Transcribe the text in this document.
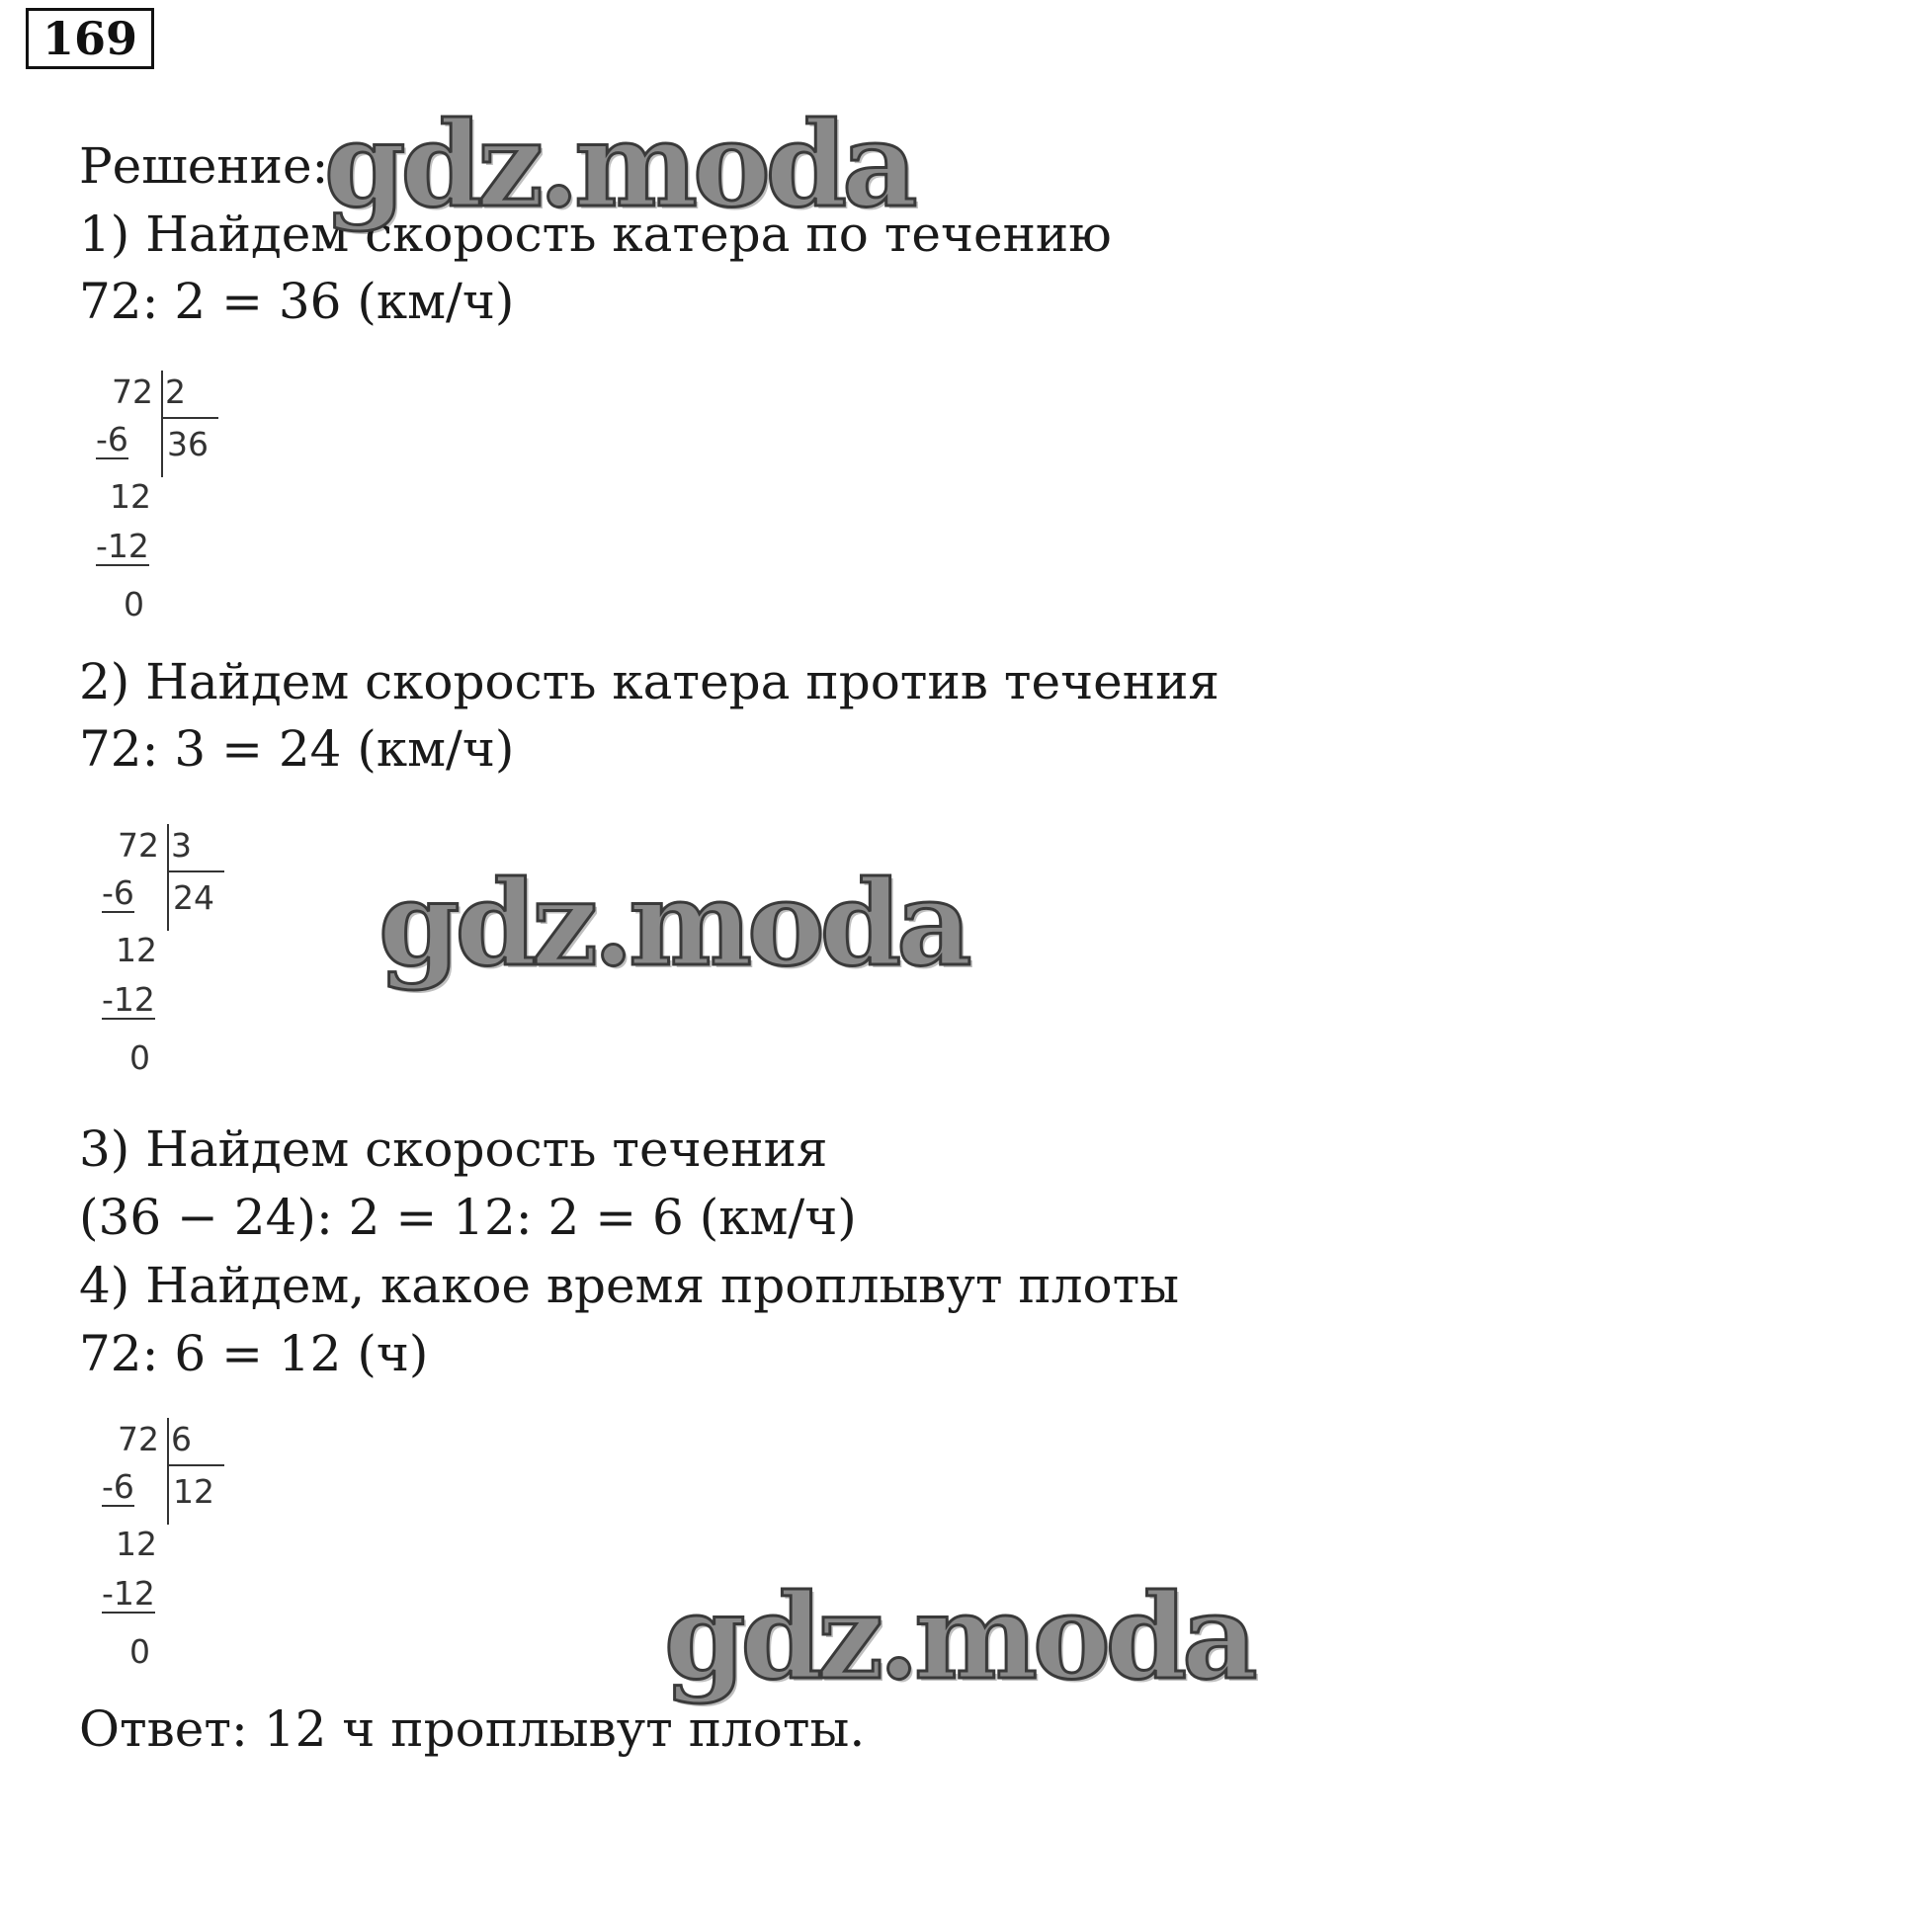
169
Решение:
1) Найдем скорость катера по течению
72: 2 = 36 (км/ч)
72 2
-6 36
12
-12
0
2) Найдем скорость катера против течения
72: 3 = 24 (км/ч)
72 3
-6 24
12
-12
0
3) Найдем скорость течения
(36 − 24): 2 = 12: 2 = 6 (км/ч)
4) Найдем, какое время проплывут плоты
72: 6 = 12 (ч)
72 6
-6 12
12
-12
0
Ответ: 12 ч проплывут плоты.
gdz.moda
gdz.moda
gdz.moda
